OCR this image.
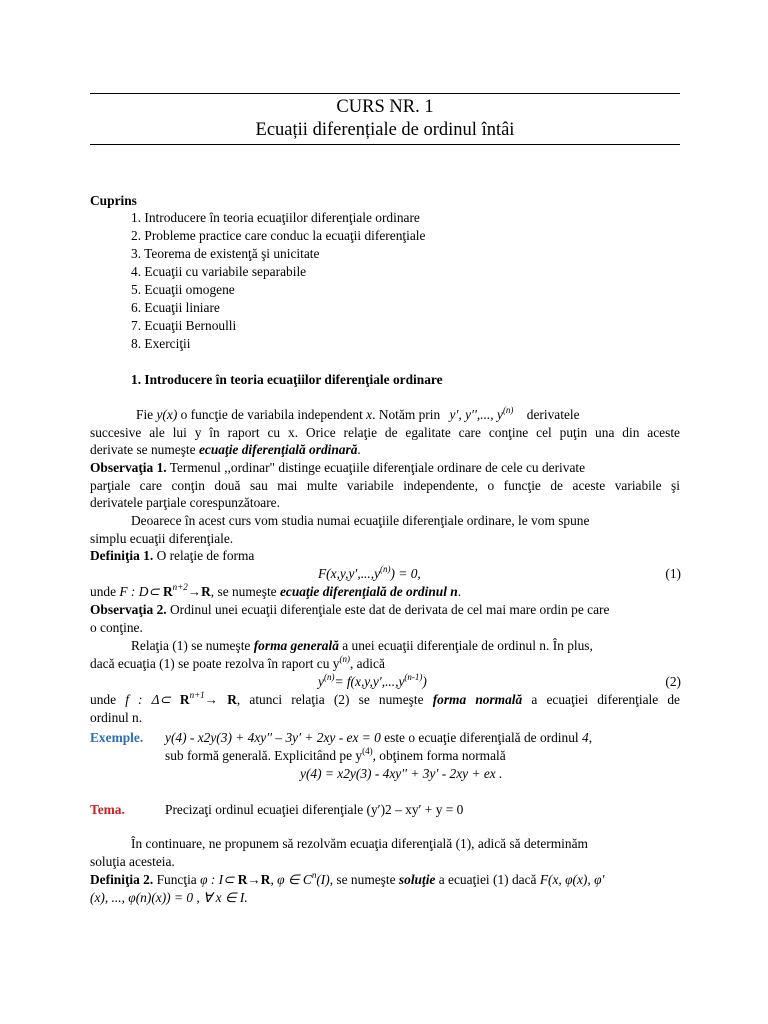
CURS NR. 1
Ecuații diferențiale de ordinul întâi
Cuprins
1. Introducere în teoria ecuaţiilor diferenţiale ordinare
2. Probleme practice care conduc la ecuaţii diferenţiale
3. Teorema de existenţă şi unicitate
4. Ecuaţii cu variabile separabile
5. Ecuaţii omogene
6. Ecuaţii liniare
7. Ecuaţii Bernoulli
8. Exerciţii
1. Introducere în teoria ecuaţiilor diferenţiale ordinare
Fie y(x) o funcţie de variabila independent x. Notăm prin y′, y′′,..., $y^{(n)}$ derivatele
succesive ale lui y în raport cu x. Orice relaţie de egalitate care conţine cel puţin una din aceste
derivate se numeşte ecuaţie diferenţială ordinară.
Observaţia 1. Termenul ,,ordinar" distinge ecuaţiile diferenţiale ordinare de cele cu derivate
parţiale care conţin două sau mai multe variabile independente, o funcţie de aceste variabile şi
derivatele parţiale corespunzătoare.
Deoarece în acest curs vom studia numai ecuaţiile diferenţiale ordinare, le vom spune
simplu ecuaţii diferenţiale.
Definiţia 1. O relaţie de forma
$F(x,y,y',...,y^{(n)}) = 0$,	(1)
unde F : D⊂ $R^{n+2}\to R$, se numeşte ecuaţie diferenţială de ordinul n.
Observaţia 2. Ordinul unei ecuaţii diferenţiale este dat de derivata de cel mai mare ordin pe care
o conţine.
Relaţia (1) se numeşte forma generală a unei ecuaţii diferenţiale de ordinul n. În plus,
dacă ecuaţia (1) se poate rezolva în raport cu $y^{(n)}$, adică
$y^{(n)}= f(x,y,y',...,y^{(n-1)})$	(2)
unde f : Δ⊂ $R^{n+1}\to R$, atunci relaţia (2) se numeşte forma normală a ecuaţiei diferenţiale de
ordinul n.
Exemple. y(4) - x2y(3) + 4xy′′ – 3y′ + 2xy - ex = 0 este o ecuaţie diferenţială de ordinul 4,
sub formă generală. Explicitând pe $y^{(4)}$, obţinem forma normală
y(4) = x2y(3) - 4xy′′ + 3y′ - 2xy + ex .
Tema.	Precizaţi ordinul ecuaţiei diferenţiale (y′)2 – xy′ + y = 0
În continuare, ne propunem să rezolvăm ecuaţia diferenţială (1), adică să determinăm
soluţia acesteia.
Definiţia 2. Funcţia φ : I⊂ R→R, φ ∈ $C^n(I)$, se numeşte soluţie a ecuaţiei (1) dacă F(x, φ(x), φ′
(x), ..., φ(n)(x)) = 0 , ∀ x ∈ I.
